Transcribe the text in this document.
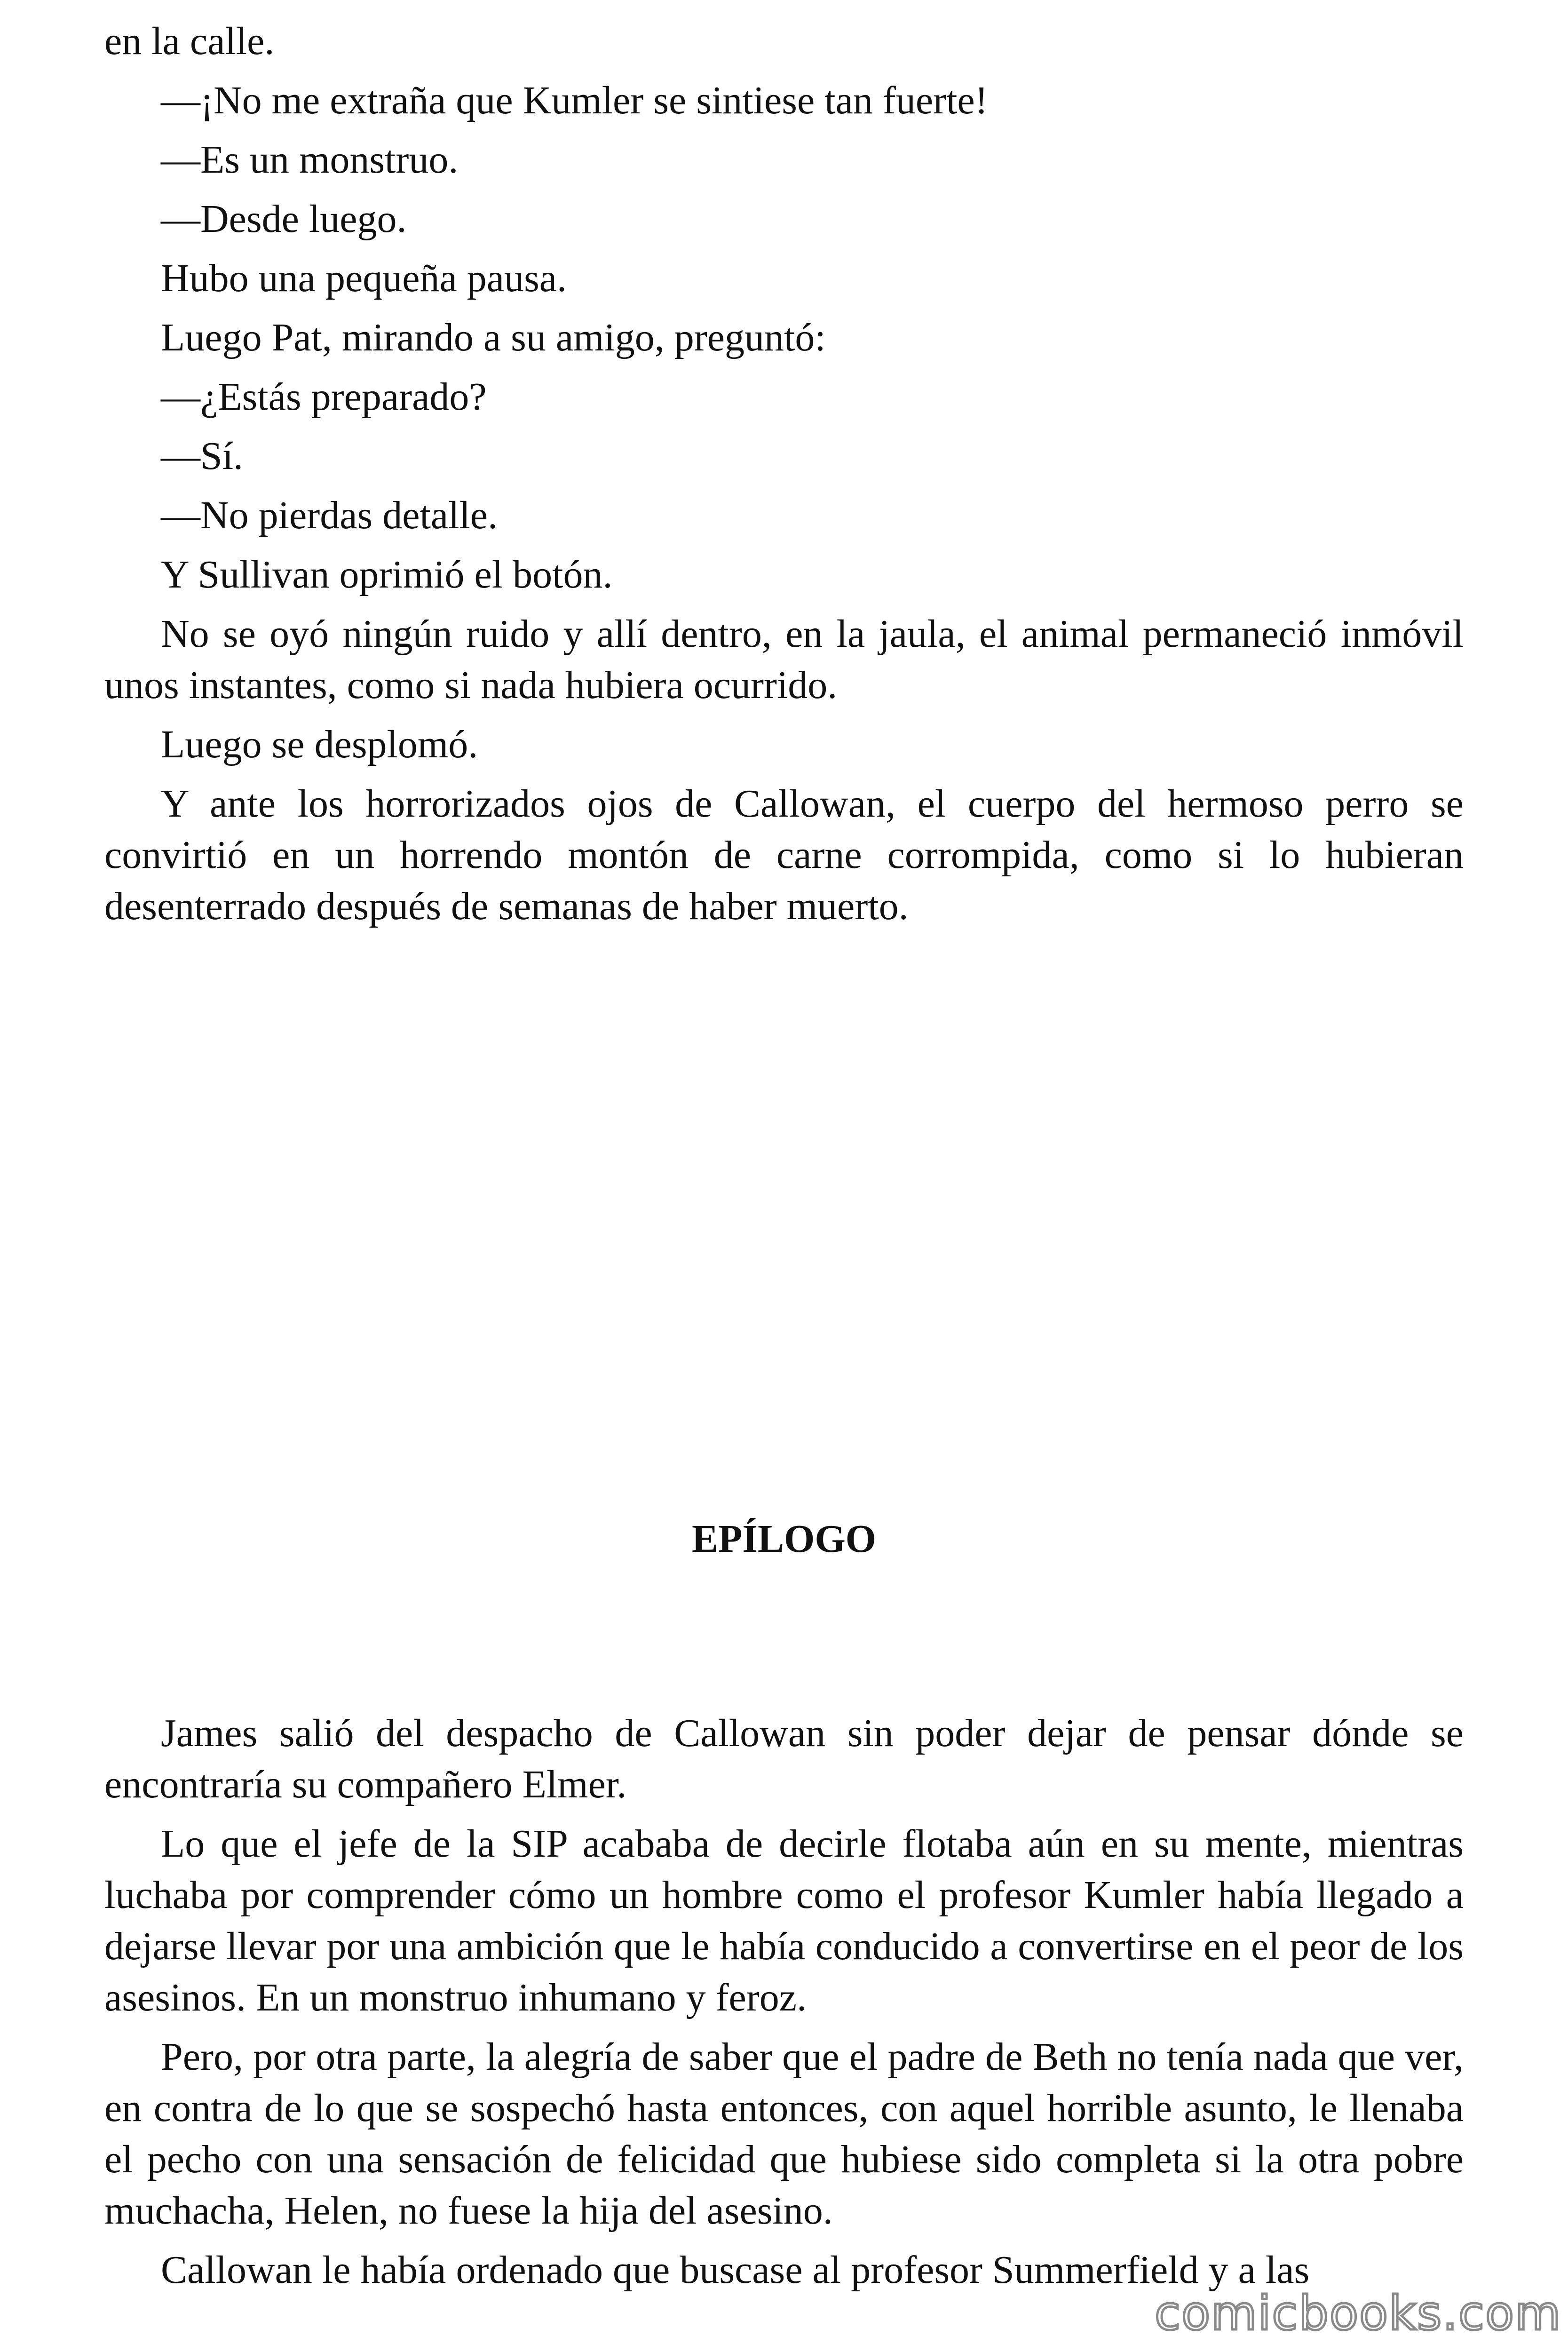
en la calle.

—¡No me extraña que Kumler se sintiese tan fuerte!

—Es un monstruo.

—Desde luego.

Hubo una pequeña pausa.

Luego Pat, mirando a su amigo, preguntó:

—¿Estás preparado?

—Sí.

—No pierdas detalle.

Y Sullivan oprimió el botón.

No se oyó ningún ruido y allí dentro, en la jaula, el animal permaneció inmóvil unos instantes, como si nada hubiera ocurrido.

Luego se desplomó.

Y ante los horrorizados ojos de Callowan, el cuerpo del hermoso perro se convirtió en un horrendo montón de carne corrompida, como si lo hubieran desenterrado después de semanas de haber muerto.

EPÍLOGO

James salió del despacho de Callowan sin poder dejar de pensar dónde se encontraría su compañero Elmer.

Lo que el jefe de la SIP acababa de decirle flotaba aún en su mente, mientras luchaba por comprender cómo un hombre como el profesor Kumler había llegado a dejarse llevar por una ambición que le había conducido a convertirse en el peor de los asesinos. En un monstruo inhumano y feroz.

Pero, por otra parte, la alegría de saber que el padre de Beth no tenía nada que ver, en contra de lo que se sospechó hasta entonces, con aquel horrible asunto, le llenaba el pecho con una sensación de felicidad que hubiese sido completa si la otra pobre muchacha, Helen, no fuese la hija del asesino.

Callowan le había ordenado que buscase al profesor Summerfield y a las

comicbooks.com
